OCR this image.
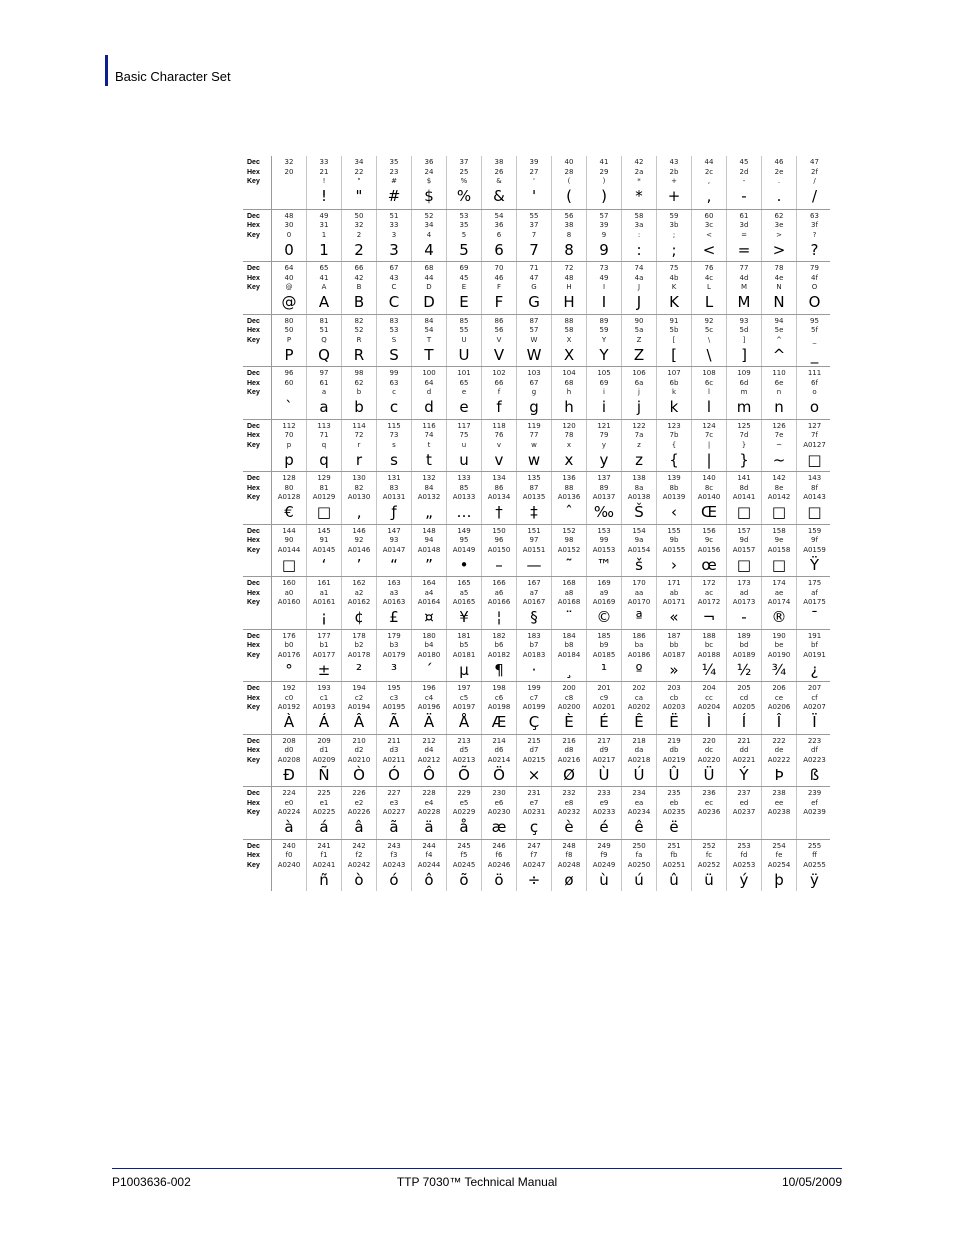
Basic Character Set
Dec
Hex
Key
32
20

33
21
!
!
34
22
"
"
35
23
#
#
36
24
$
$
37
25
%
%
38
26
&
&
39
27
'
'
40
28
(
(
41
29
)
)
42
2a
*
*
43
2b
+
+
44
2c
,
,
45
2d
-
-
46
2e
.
.
47
2f
/
/
Dec
Hex
Key
48
30
0
0
49
31
1
1
50
32
2
2
51
33
3
3
52
34
4
4
53
35
5
5
54
36
6
6
55
37
7
7
56
38
8
8
57
39
9
9
58
3a
:
:
59
3b
;
;
60
3c
<
<
61
3d
=
=
62
3e
>
>
63
3f
?
?
Dec
Hex
Key
64
40
@
@
65
41
A
A
66
42
B
B
67
43
C
C
68
44
D
D
69
45
E
E
70
46
F
F
71
47
G
G
72
48
H
H
73
49
I
I
74
4a
J
J
75
4b
K
K
76
4c
L
L
77
4d
M
M
78
4e
N
N
79
4f
O
O
Dec
Hex
Key
80
50
P
P
81
51
Q
Q
82
52
R
R
83
53
S
S
84
54
T
T
85
55
U
U
86
56
V
V
87
57
W
W
88
58
X
X
89
59
Y
Y
90
5a
Z
Z
91
5b
[
[
92
5c
\
\
93
5d
]
]
94
5e
^
^
95
5f
_
_
Dec
Hex
Key
96
60

`
97
61
a
a
98
62
b
b
99
63
c
c
100
64
d
d
101
65
e
e
102
66
f
f
103
67
g
g
104
68
h
h
105
69
i
i
106
6a
j
j
107
6b
k
k
108
6c
l
l
109
6d
m
m
110
6e
n
n
111
6f
o
o
Dec
Hex
Key
112
70
p
p
113
71
q
q
114
72
r
r
115
73
s
s
116
74
t
t
117
75
u
u
118
76
v
v
119
77
w
w
120
78
x
x
121
79
y
y
122
7a
z
z
123
7b
{
{
124
7c
|
|
125
7d
}
}
126
7e
~
~
127
7f
A0127
□
Dec
Hex
Key
128
80
A0128
€
129
81
A0129
□
130
82
A0130
‚
131
83
A0131
ƒ
132
84
A0132
„
133
85
A0133
…
134
86
A0134
†
135
87
A0135
‡
136
88
A0136
ˆ
137
89
A0137
‰
138
8a
A0138
Š
139
8b
A0139
‹
140
8c
A0140
Œ
141
8d
A0141
□
142
8e
A0142
□
143
8f
A0143
□
Dec
Hex
Key
144
90
A0144
□
145
91
A0145
‘
146
92
A0146
’
147
93
A0147
“
148
94
A0148
”
149
95
A0149
•
150
96
A0150
–
151
97
A0151
—
152
98
A0152
˜
153
99
A0153
™
154
9a
A0154
š
155
9b
A0155
›
156
9c
A0156
œ
157
9d
A0157
□
158
9e
A0158
□
159
9f
A0159
Ÿ
Dec
Hex
Key
160
a0
A0160
161
a1
A0161
¡
162
a2
A0162
¢
163
a3
A0163
£
164
a4
A0164
¤
165
a5
A0165
¥
166
a6
A0166
¦
167
a7
A0167
§
168
a8
A0168
¨
169
a9
A0169
©
170
aa
A0170
ª
171
ab
A0171
«
172
ac
A0172
¬
173
ad
A0173
-
174
ae
A0174
®
175
af
A0175
¯
Dec
Hex
Key
176
b0
A0176
°
177
b1
A0177
±
178
b2
A0178
²
179
b3
A0179
³
180
b4
A0180
´
181
b5
A0181
µ
182
b6
A0182
¶
183
b7
A0183
·
184
b8
A0184
¸
185
b9
A0185
¹
186
ba
A0186
º
187
bb
A0187
»
188
bc
A0188
¼
189
bd
A0189
½
190
be
A0190
¾
191
bf
A0191
¿
Dec
Hex
Key
192
c0
A0192
À
193
c1
A0193
Á
194
c2
A0194
Â
195
c3
A0195
Ã
196
c4
A0196
Ä
197
c5
A0197
Å
198
c6
A0198
Æ
199
c7
A0199
Ç
200
c8
A0200
È
201
c9
A0201
É
202
ca
A0202
Ê
203
cb
A0203
Ë
204
cc
A0204
Ì
205
cd
A0205
Í
206
ce
A0206
Î
207
cf
A0207
Ï
Dec
Hex
Key
208
d0
A0208
Ð
209
d1
A0209
Ñ
210
d2
A0210
Ò
211
d3
A0211
Ó
212
d4
A0212
Ô
213
d5
A0213
Õ
214
d6
A0214
Ö
215
d7
A0215
×
216
d8
A0216
Ø
217
d9
A0217
Ù
218
da
A0218
Ú
219
db
A0219
Û
220
dc
A0220
Ü
221
dd
A0221
Ý
222
de
A0222
Þ
223
df
A0223
ß
Dec
Hex
Key
224
e0
A0224
à
225
e1
A0225
á
226
e2
A0226
â
227
e3
A0227
ã
228
e4
A0228
ä
229
e5
A0229
å
230
e6
A0230
æ
231
e7
A0231
ç
232
e8
A0232
è
233
e9
A0233
é
234
ea
A0234
ê
235
eb
A0235
ë
236
ec
A0236
237
ed
A0237
238
ee
A0238
239
ef
A0239
Dec
Hex
Key
240
f0
A0240
241
f1
A0241
ñ
242
f2
A0242
ò
243
f3
A0243
ó
244
f4
A0244
ô
245
f5
A0245
õ
246
f6
A0246
ö
247
f7
A0247
÷
248
f8
A0248
ø
249
f9
A0249
ù
250
fa
A0250
ú
251
fb
A0251
û
252
fc
A0252
ü
253
fd
A0253
ý
254
fe
A0254
þ
255
ff
A0255
ÿ
P1003636-002	TTP 7030™ Technical Manual	10/05/2009
